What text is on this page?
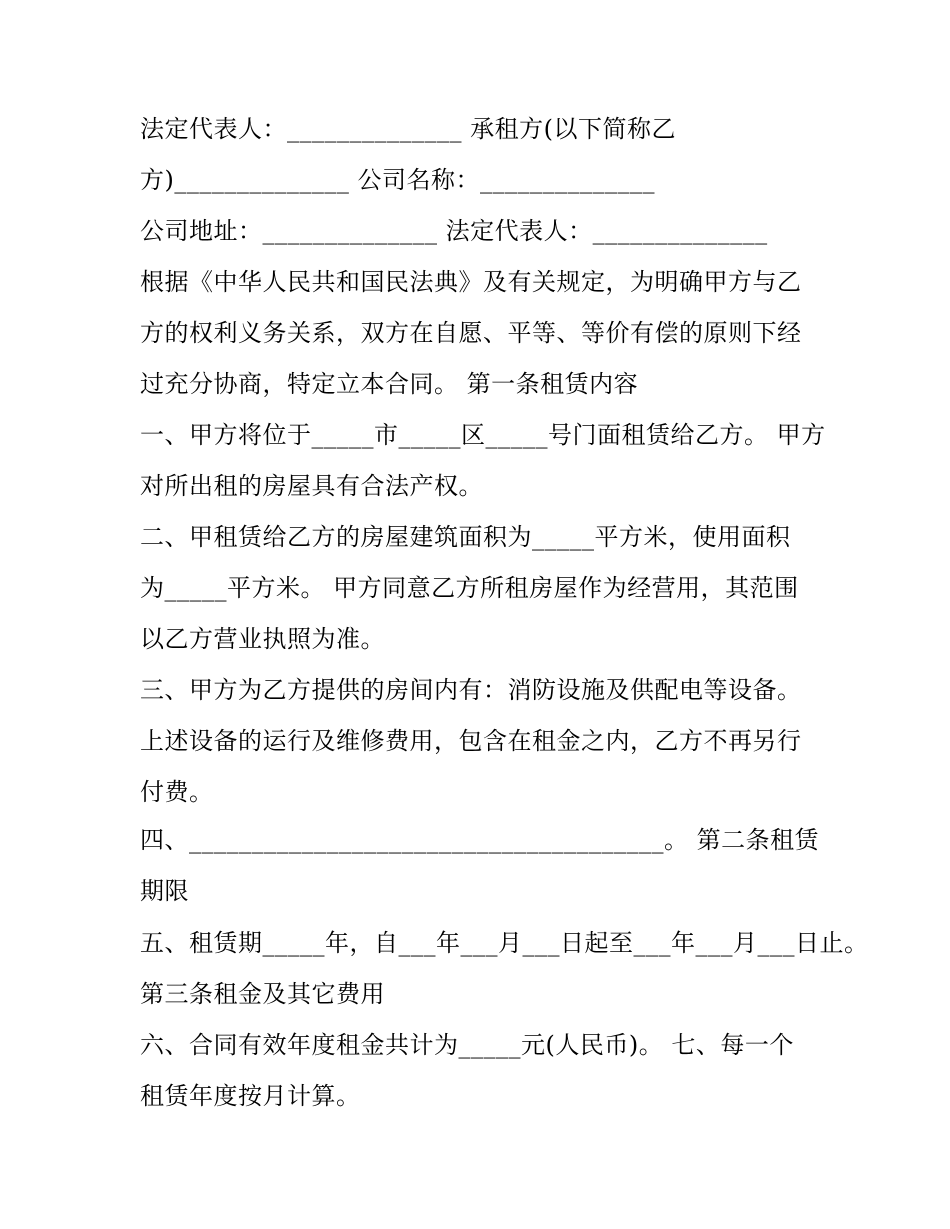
法定代表人：______________ 承租方(以下简称乙

方)______________ 公司名称：______________

公司地址：______________ 法定代表人：______________

根据《中华人民共和国民法典》及有关规定，为明确甲方与乙

方的权利义务关系，双方在自愿、平等、等价有偿的原则下经

过充分协商，特定立本合同。 第一条租赁内容

一、甲方将位于_____市_____区_____号门面租赁给乙方。 甲方

对所出租的房屋具有合法产权。

二、甲租赁给乙方的房屋建筑面积为_____平方米，使用面积

为_____平方米。 甲方同意乙方所租房屋作为经营用，其范围

以乙方营业执照为准。

三、甲方为乙方提供的房间内有：消防设施及供配电等设备。

上述设备的运行及维修费用，包含在租金之内，乙方不再另行

付费。

四、______________________________________。 第二条租赁

期限

五、租赁期_____年，自___年___月___日起至___年___月___日止。

第三条租金及其它费用

六、合同有效年度租金共计为_____元(人民币)。 七、每一个

租赁年度按月计算。
